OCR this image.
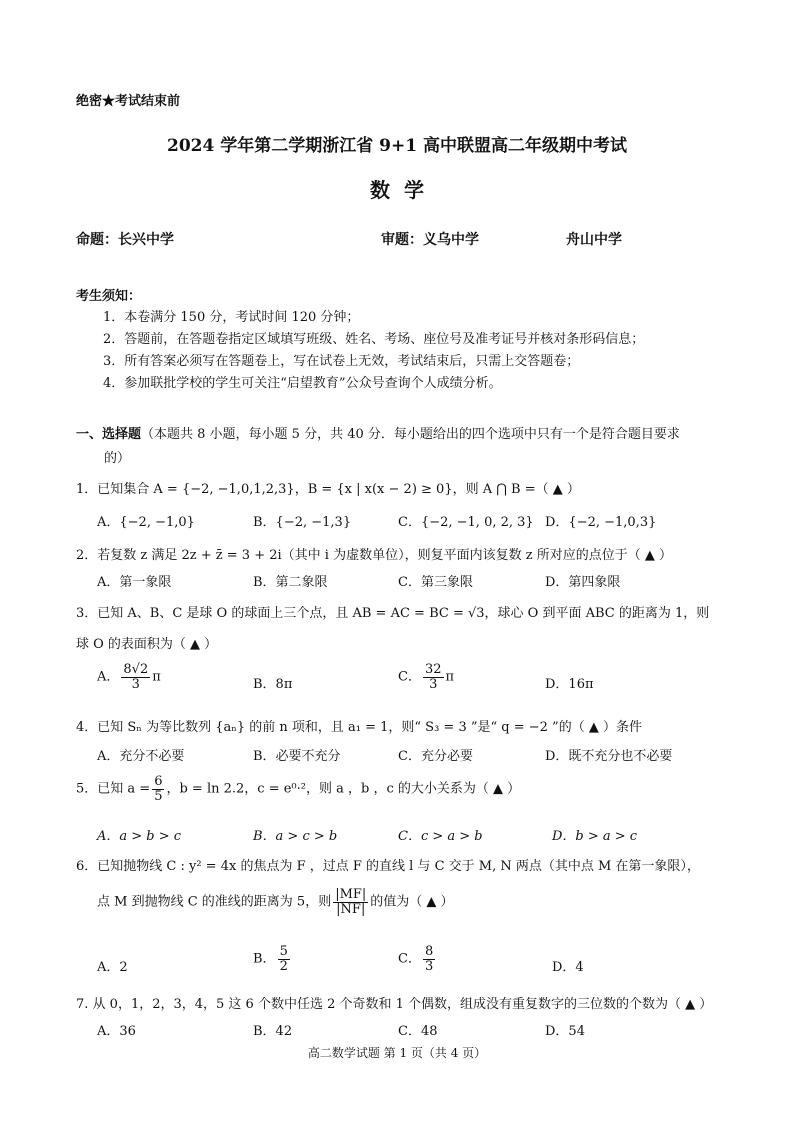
绝密★考试结束前
2024 学年第二学期浙江省 9+1 高中联盟高二年级期中考试
数  学
命题：长兴中学	审题：义乌中学	舟山中学
考生须知：
1．本卷满分 150 分，考试时间 120 分钟；
2．答题前，在答题卷指定区域填写班级、姓名、考场、座位号及准考证号并核对条形码信息；
3．所有答案必须写在答题卷上，写在试卷上无效，考试结束后，只需上交答题卷；
4．参加联批学校的学生可关注“启望教育”公众号查询个人成绩分析。
一、选择题（本题共 8 小题，每小题 5 分，共 40 分．每小题给出的四个选项中只有一个是符合题目要求
的）
1．已知集合 A = {−2, −1,0,1,2,3}，B = {x | x(x − 2) ≥ 0}，则 A ⋂ B =（ ▲ ）
A．{−2, −1,0}	B．{−2, −1,3}	C．{−2, −1, 0, 2, 3} D．{−2, −1,0,3}
2．若复数 z 满足 2z + z̄ = 3 + 2i（其中 i 为虚数单位），则复平面内该复数 z 所对应的点位于（ ▲ ）
A．第一象限	B．第二象限	C．第三象限	D．第四象限
3．已知 A、B、C 是球 O 的球面上三个点，且 AB = AC = BC = √3，球心 O 到平面 ABC 的距离为 1，则
球 O 的表面积为（ ▲ ）
A． $\frac{8√2}{3}$ π	B．8π	C． $\frac{32}{3}$ π	D．16π
4．已知 Sₙ 为等比数列 {aₙ} 的前 n 项和，且 a₁ = 1，则“ S₃ = 3 ”是“ q = −2 ”的（ ▲ ）条件
A．充分不必要	B．必要不充分	C．充分必要	D．既不充分也不必要
5．已知 $a = \frac{6}{5}$ ，b = ln 2.2，c = e⁰·²，则 a ，b ，c 的大小关系为（ ▲ ）
A．a > b > c	B．a > c > b	C．c > a > b	D．b > a > c
6．已知抛物线 C : y² = 4x 的焦点为 F ，过点 F 的直线 l 与 C 交于 M, N 两点（其中点 M 在第一象限），
点 M 到抛物线 C 的准线的距离为 5，则 $\frac{|MF|}{|NF|}$ 的值为（ ▲ ）
A．2
B． $\frac{5}{2}$	C． $\frac{8}{3}$	D．4
7. 从 0，1，2，3，4，5 这 6 个数中任选 2 个奇数和 1 个偶数，组成没有重复数字的三位数的个数为（ ▲ ）
A．36	B．42	C．48	D．54
高二数学试题 第 1 页（共 4 页）
